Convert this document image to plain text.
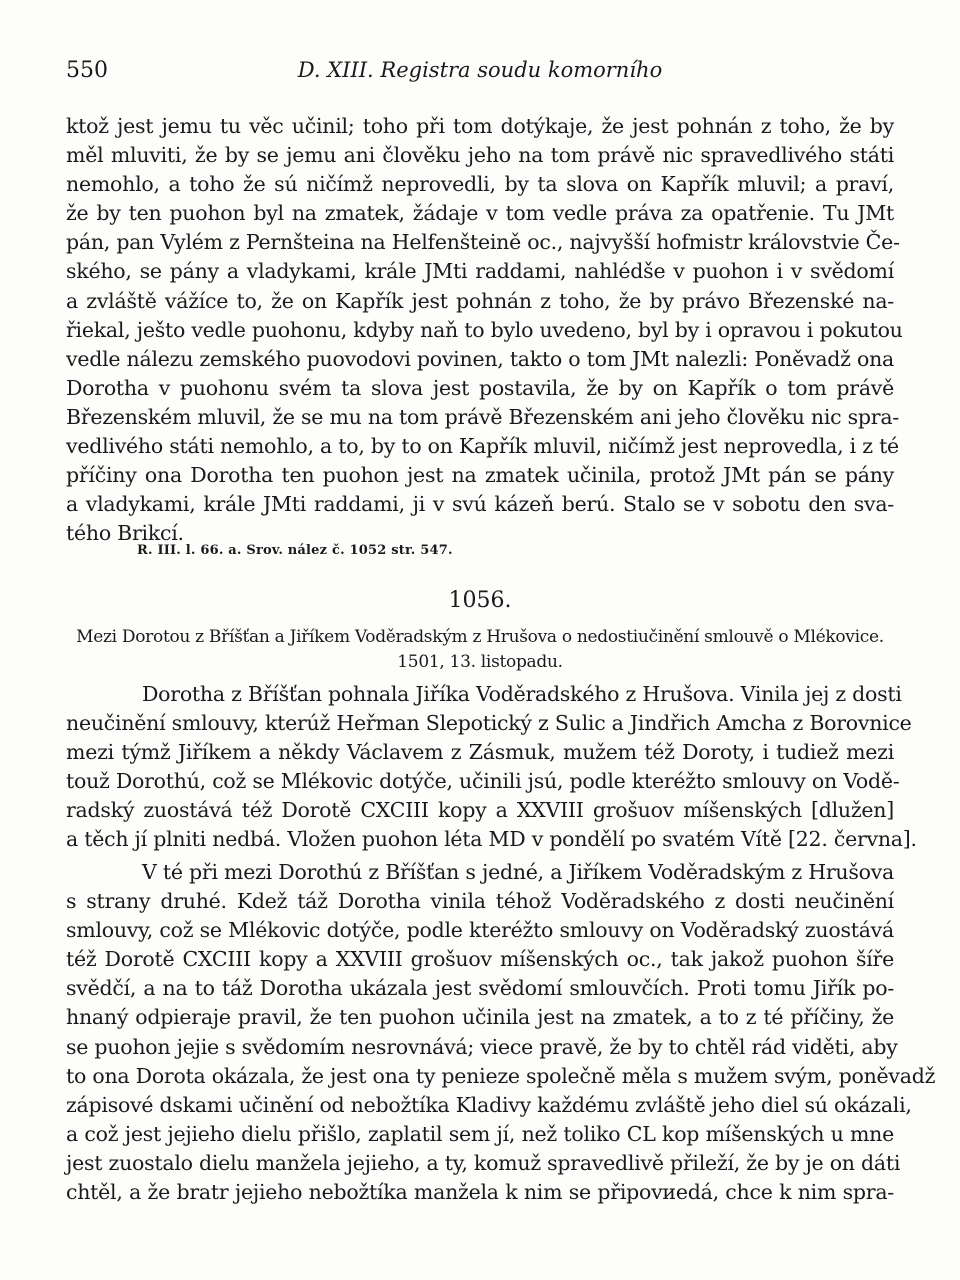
550	D. XIII. Registra soudu komorního
ktož jest jemu tu věc učinil; toho při tom dotýkaje, že jest pohnán z toho, že by
měl mluviti, že by se jemu ani člověku jeho na tom právě nic spravedlivého státi
nemohlo, a toho že sú ničímž neprovedli, by ta slova on Kapřík mluvil; a praví,
že by ten puohon byl na zmatek, žádaje v tom vedle práva za opatřenie. Tu JMt
pán, pan Vylém z Pernšteina na Helfenšteině oc., najvyšší hofmistr královstvie Če-
ského, se pány a vladykami, krále JMti raddami, nahlédše v puohon i v svědomí
a zvláště vážíce to, že on Kapřík jest pohnán z toho, že by právo Březenské na-
řiekal, ješto vedle puohonu, kdyby naň to bylo uvedeno, byl by i opravou i pokutou
vedle nálezu zemského puovodovi povinen, takto o tom JMt nalezli: Poněvadž ona
Dorotha v puohonu svém ta slova jest postavila, že by on Kapřík o tom právě
Březenském mluvil, že se mu na tom právě Březenském ani jeho člověku nic spra-
vedlivého státi nemohlo, a to, by to on Kapřík mluvil, ničímž jest neprovedla, i z té
příčiny ona Dorotha ten puohon jest na zmatek učinila, protož JMt pán se pány
a vladykami, krále JMti raddami, ji v svú kázeň berú. Stalo se v sobotu den sva-
tého Brikcí.
R. III. l. 66. a. Srov. nález č. 1052 str. 547.
1056.
Mezi Dorotou z Bříšťan a Jiříkem Voděradským z Hrušova o nedostiučinění smlouvě o Mlékovice.
1501, 13. listopadu.
Dorotha z Bříšťan pohnala Jiříka Voděradského z Hrušova. Vinila jej z dosti
neučinění smlouvy, kterúž Heřman Slepotický z Sulic a Jindřich Amcha z Borovnice
mezi týmž Jiříkem a někdy Václavem z Zásmuk, mužem též Doroty, i tudiež mezi
touž Dorothú, což se Mlékovic dotýče, učinili jsú, podle kteréžto smlouvy on Vodě-
radský zuostává též Dorotě CXCIII kopy a XXVIII grošuov míšenských [dlužen]
a těch jí plniti nedbá. Vložen puohon léta MD v pondělí po svatém Vítě [22. června].
V té při mezi Dorothú z Bříšťan s jedné, a Jiříkem Voděradským z Hrušova
s strany druhé. Kdež táž Dorotha vinila téhož Voděradského z dosti neučinění
smlouvy, což se Mlékovic dotýče, podle kteréžto smlouvy on Voděradský zuostává
též Dorotě CXCIII kopy a XXVIII grošuov míšenských oc., tak jakož puohon šíře
svědčí, a na to táž Dorotha ukázala jest svědomí smlouvčích. Proti tomu Jiřík po-
hnaný odpieraje pravil, že ten puohon učinila jest na zmatek, a to z té příčiny, že
se puohon jejie s svědomím nesrovnává; viece pravě, že by to chtěl rád viděti, aby
to ona Dorota okázala, že jest ona ty penieze společně měla s mužem svým, poněvadž
zápisové dskami učinění od nebožtíka Kladivy každému zvláště jeho diel sú okázali,
a což jest jejieho dielu přišlo, zaplatil sem jí, než toliko CL kop míšenských u mne
jest zuostalo dielu manžela jejieho, a ty, komuž spravedlivě přileží, že by je on dáti
chtěl, a že bratr jejieho nebožtíka manžela k nim se připovиedá, chce k nim spra-
